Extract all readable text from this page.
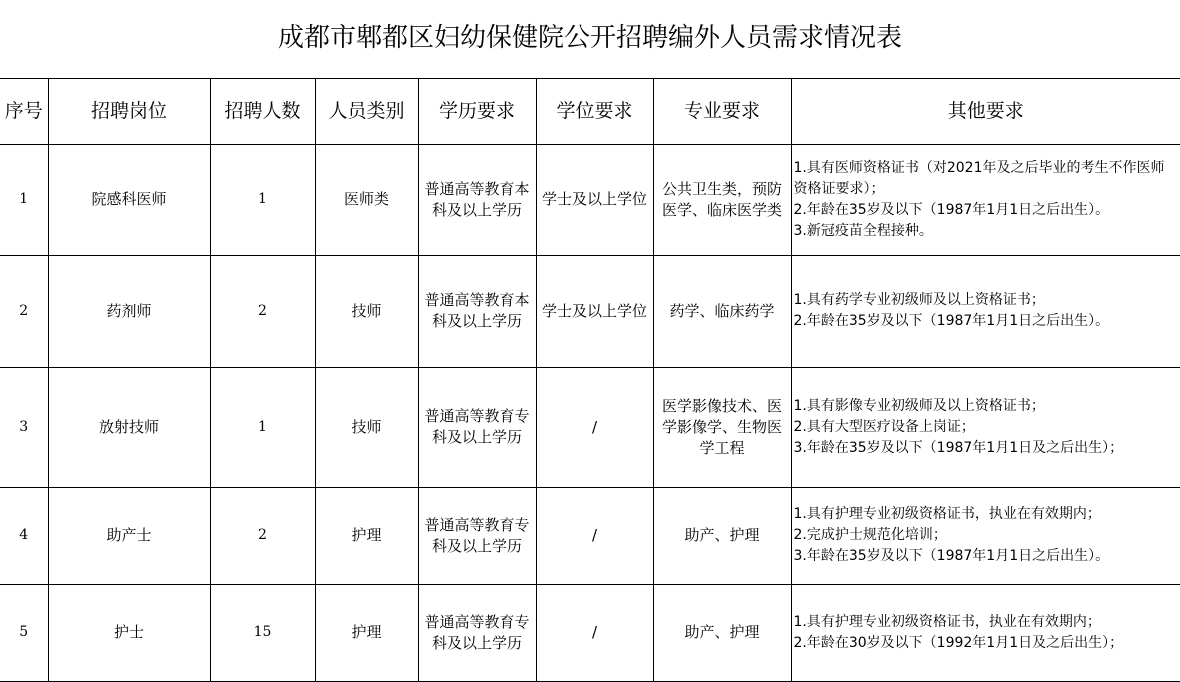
成都市郫都区妇幼保健院公开招聘编外人员需求情况表							
序号	招聘岗位	招聘人数	人员类别	学历要求	学位要求	专业要求	其他要求
1	院感科医师	1	医师类	普通高等教育本科及以上学历	学士及以上学位	公共卫生类，预防医学、临床医学类	1.具有医师资格证书（对2021年及之后毕业的考生不作医师资格证要求）；
2.年龄在35岁及以下（1987年1月1日之后出生）。
3.新冠疫苗全程接种。

2	药剂师	2	技师	普通高等教育本科及以上学历	学士及以上学位	药学、临床药学	1.具有药学专业初级师及以上资格证书；
2.年龄在35岁及以下（1987年1月1日之后出生）。

3	放射技师	1	技师	普通高等教育专科及以上学历	/	医学影像技术、医学影像学、生物医学工程	1.具有影像专业初级师及以上资格证书；
2.具有大型医疗设备上岗证；
3.年龄在35岁及以下（1987年1月1日及之后出生）；

4	助产士	2	护理	普通高等教育专科及以上学历	/	助产、护理	1.具有护理专业初级资格证书，执业在有效期内；
2.完成护士规范化培训；
3.年龄在35岁及以下（1987年1月1日之后出生）。

5	护士	15	护理	普通高等教育专科及以上学历	/	助产、护理	1.具有护理专业初级资格证书，执业在有效期内；
2.年龄在30岁及以下（1992年1月1日及之后出生）；
